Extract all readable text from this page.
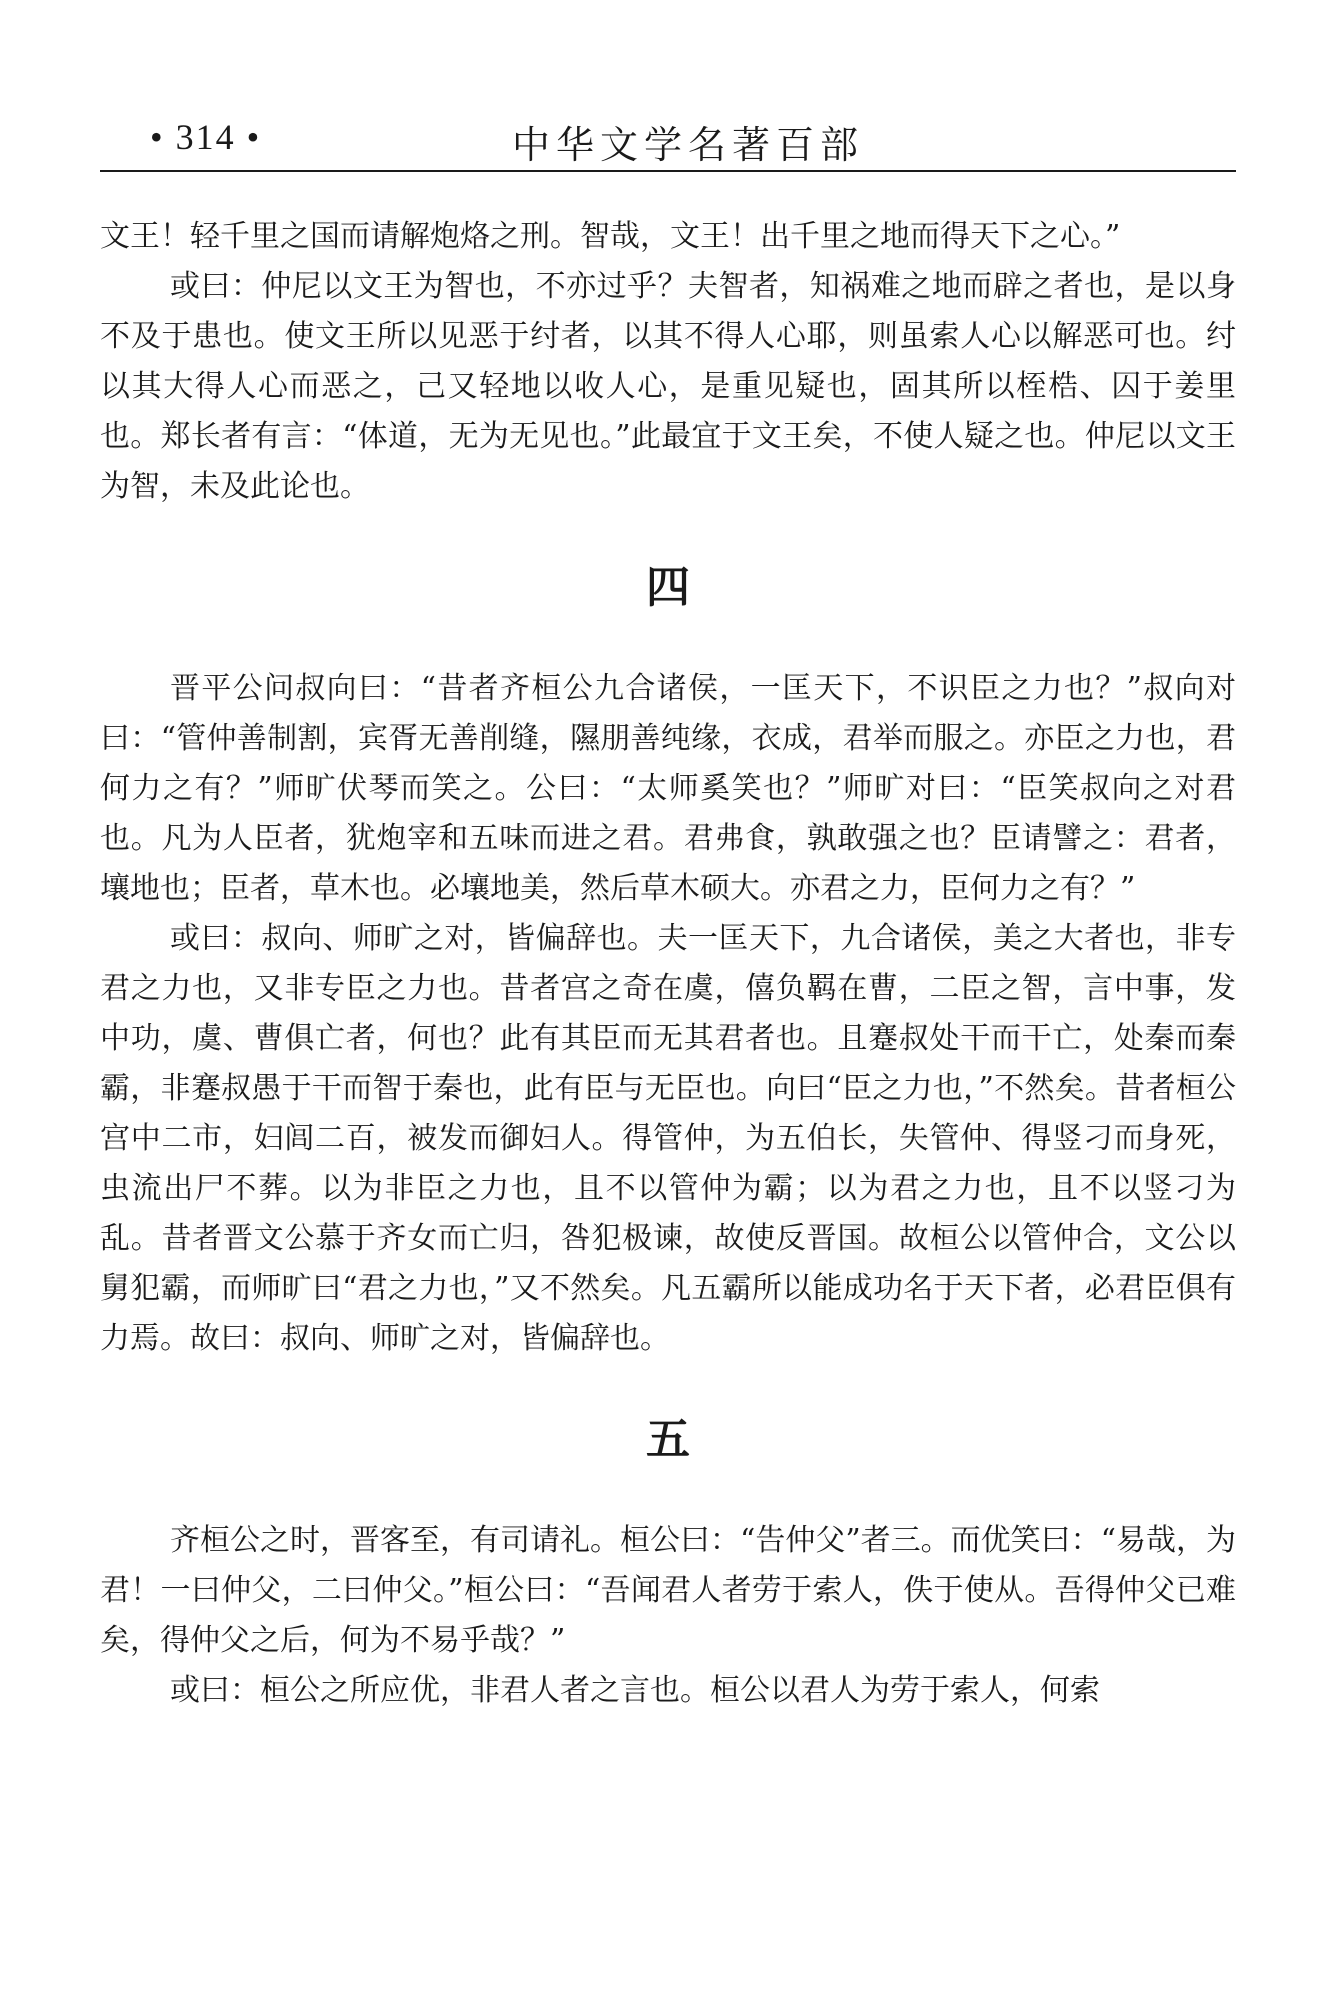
• 314 •	中华文学名著百部

文王！轻千里之国而请解炮烙之刑。智哉，文王！出千里之地而得天下之心。”

或曰：仲尼以文王为智也，不亦过乎？夫智者，知祸难之地而辟之者也，是以身不及于患也。使文王所以见恶于纣者，以其不得人心耶，则虽索人心以解恶可也。纣以其大得人心而恶之，己又轻地以收人心，是重见疑也，固其所以桎梏、囚于姜里也。郑长者有言：“体道，无为无见也。”此最宜于文王矣，不使人疑之也。仲尼以文王为智，未及此论也。

四

晋平公问叔向曰：“昔者齐桓公九合诸侯，一匡天下，不识臣之力也？”叔向对曰：“管仲善制割，宾胥无善削缝，隰朋善纯缘，衣成，君举而服之。亦臣之力也，君何力之有？”师旷伏琴而笑之。公曰：“太师奚笑也？”师旷对曰：“臣笑叔向之对君也。凡为人臣者，犹炮宰和五味而进之君。君弗食，孰敢强之也？臣请譬之：君者，壤地也；臣者，草木也。必壤地美，然后草木硕大。亦君之力，臣何力之有？”

或曰：叔向、师旷之对，皆偏辞也。夫一匡天下，九合诸侯，美之大者也，非专君之力也，又非专臣之力也。昔者宫之奇在虞，僖负羁在曹，二臣之智，言中事，发中功，虞、曹俱亡者，何也？此有其臣而无其君者也。且蹇叔处干而干亡，处秦而秦霸，非蹇叔愚于干而智于秦也，此有臣与无臣也。向曰“臣之力也，”不然矣。昔者桓公宫中二市，妇闾二百，被发而御妇人。得管仲，为五伯长，失管仲、得竖刁而身死，虫流出尸不葬。以为非臣之力也，且不以管仲为霸；以为君之力也，且不以竖刁为乱。昔者晋文公慕于齐女而亡归，咎犯极谏，故使反晋国。故桓公以管仲合，文公以舅犯霸，而师旷曰“君之力也，”又不然矣。凡五霸所以能成功名于天下者，必君臣俱有力焉。故曰：叔向、师旷之对，皆偏辞也。

五

齐桓公之时，晋客至，有司请礼。桓公曰：“告仲父”者三。而优笑曰：“易哉，为君！一曰仲父，二曰仲父。”桓公曰：“吾闻君人者劳于索人，佚于使从。吾得仲父已难矣，得仲父之后，何为不易乎哉？”

或曰：桓公之所应优，非君人者之言也。桓公以君人为劳于索人，何索
